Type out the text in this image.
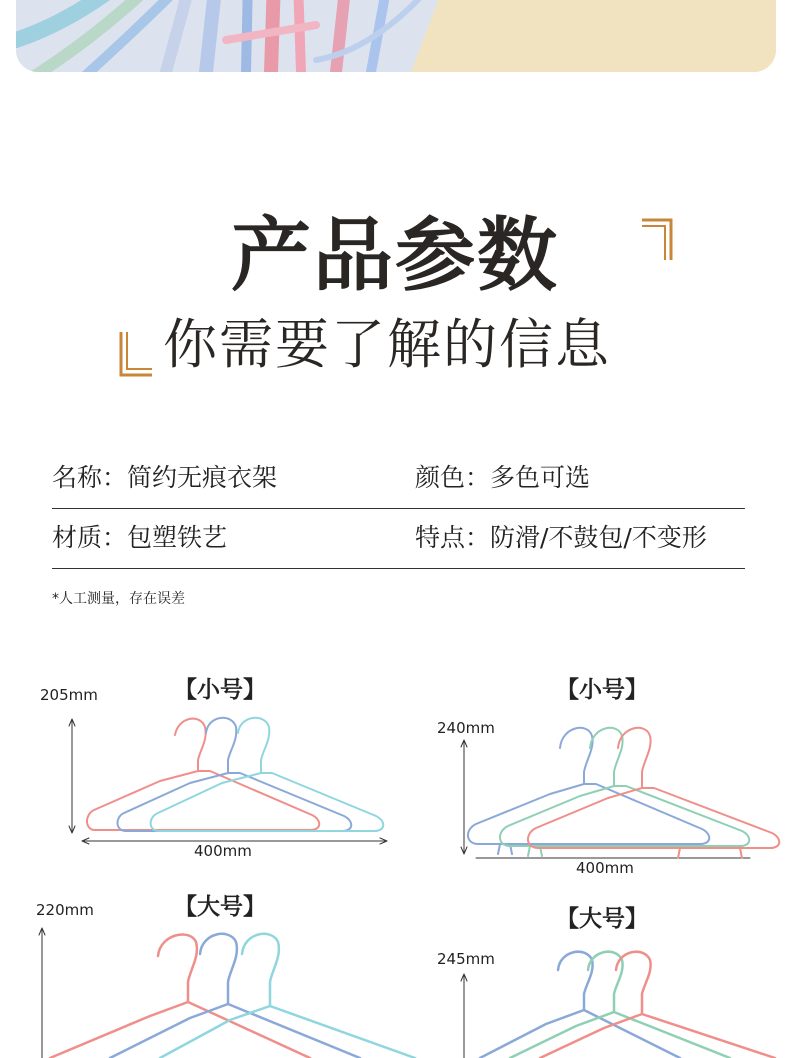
产品参数
你需要了解的信息
名称：简约无痕衣架	颜色：多色可选
材质：包塑铁艺	特点：防滑/不鼓包/不变形
*人工测量，存在误差
【小号】	【小号】
【大号】	【大号】
205mm
400mm
240mm
400mm
220mm
245mm
